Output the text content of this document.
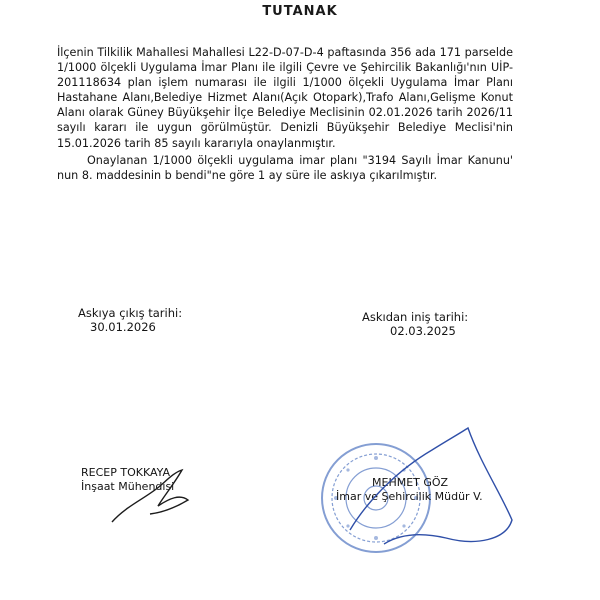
TUTANAK

İlçenin Tilkilik Mahallesi Mahallesi L22-D-07-D-4 paftasında 356 ada 171 parselde 1/1000 ölçekli Uygulama İmar Planı ile ilgili Çevre ve Şehircilik Bakanlığı'nın UİP-201118634 plan işlem numarası ile ilgili 1/1000 ölçekli Uygulama İmar Planı Hastahane Alanı,Belediye Hizmet Alanı(Açık Otopark),Trafo Alanı,Gelişme Konut Alanı olarak Güney Büyükşehir İlçe Belediye Meclisinin 02.01.2026 tarih 2026/11 sayılı kararı ile uygun görülmüştür. Denizli Büyükşehir Belediye Meclisi'nin 15.01.2026 tarih 85 sayılı kararıyla onaylanmıştır.

Onaylanan 1/1000 ölçekli uygulama imar planı "3194 Sayılı İmar Kanunu' nun 8. maddesinin b bendi"ne göre 1 ay süre ile askıya çıkarılmıştır.

Askıya çıkış tarihi:
30.01.2026
Askıdan iniş tarihi:
02.03.2025
RECEP TOKKAYA
İnşaat Mühendisi	MEHMET GÖZ
İmar ve Şehircilik Müdür V.
